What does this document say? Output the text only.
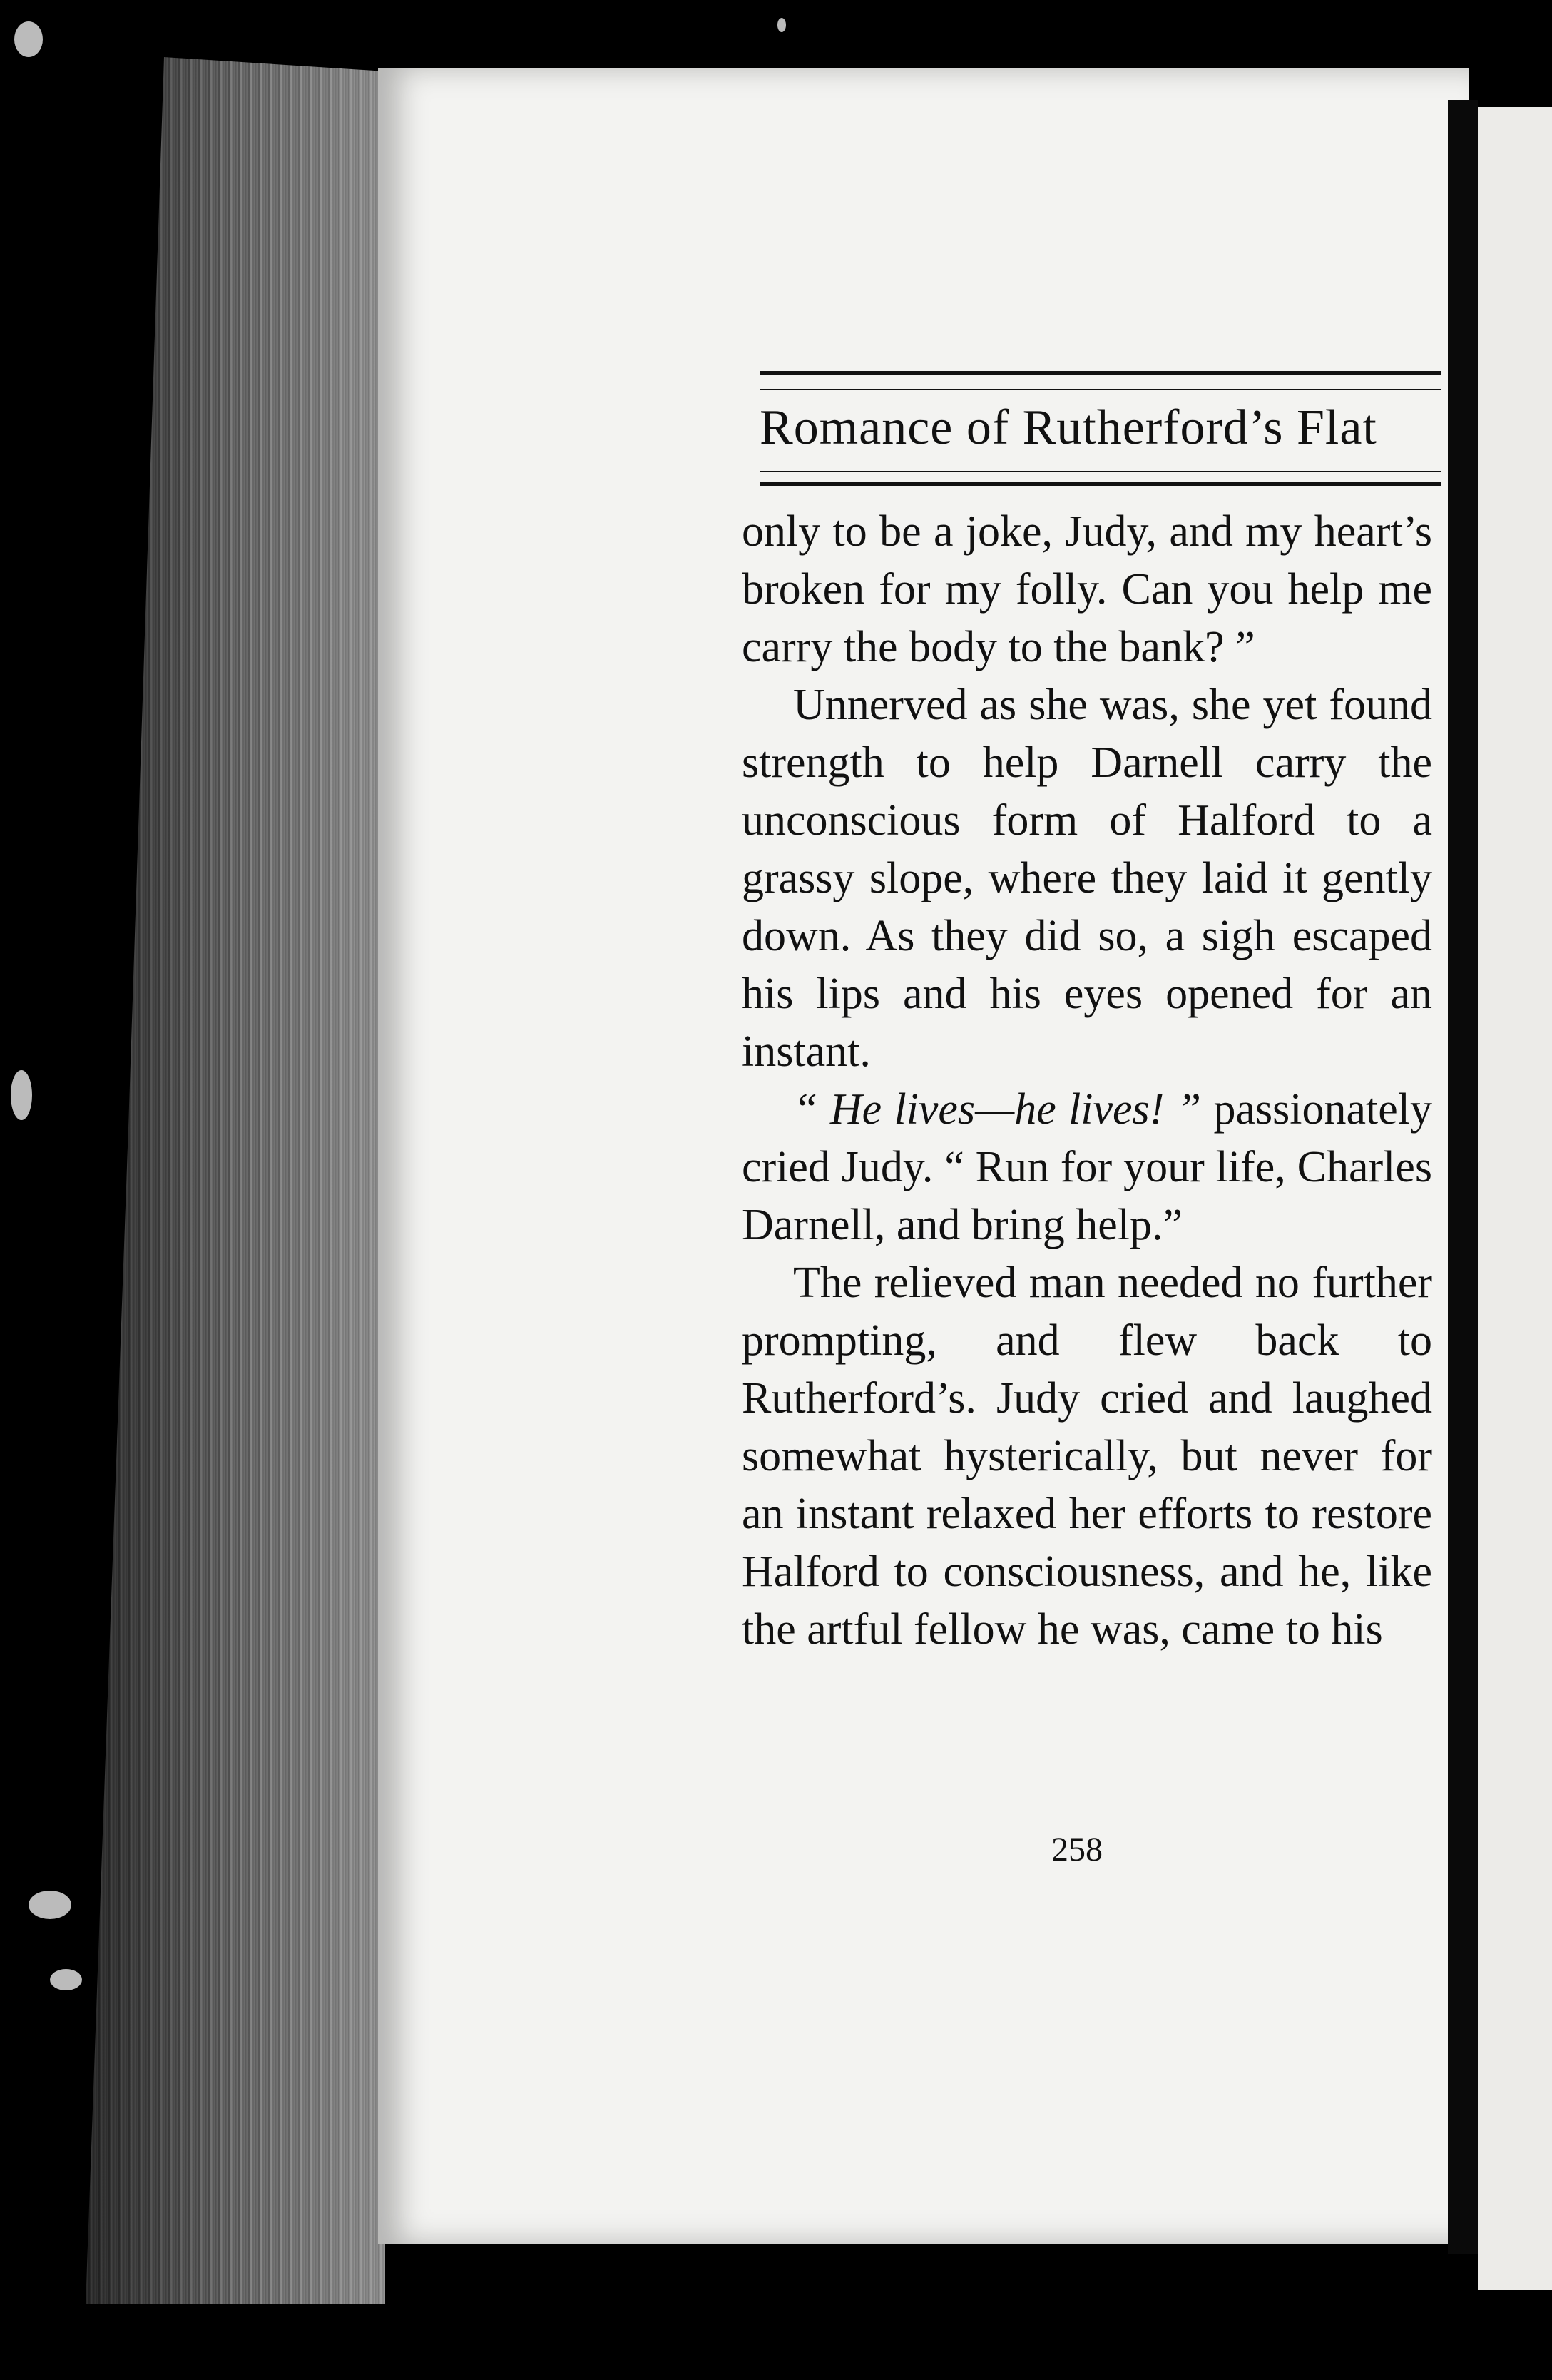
Romance of Rutherford’s Flat

only to be a joke, Judy, and my heart’s broken for my folly. Can you help me carry the body to the bank? ”

Unnerved as she was, she yet found strength to help Darnell carry the unconscious form of Halford to a grassy slope, where they laid it gently down. As they did so, a sigh escaped his lips and his eyes opened for an instant.

“ He lives—he lives! ” passionately cried Judy. “ Run for your life, Charles Darnell, and bring help.”

The relieved man needed no further prompting, and flew back to Rutherford’s. Judy cried and laughed somewhat hysterically, but never for an instant relaxed her efforts to restore Halford to consciousness, and he, like the artful fellow he was, came to his

258
